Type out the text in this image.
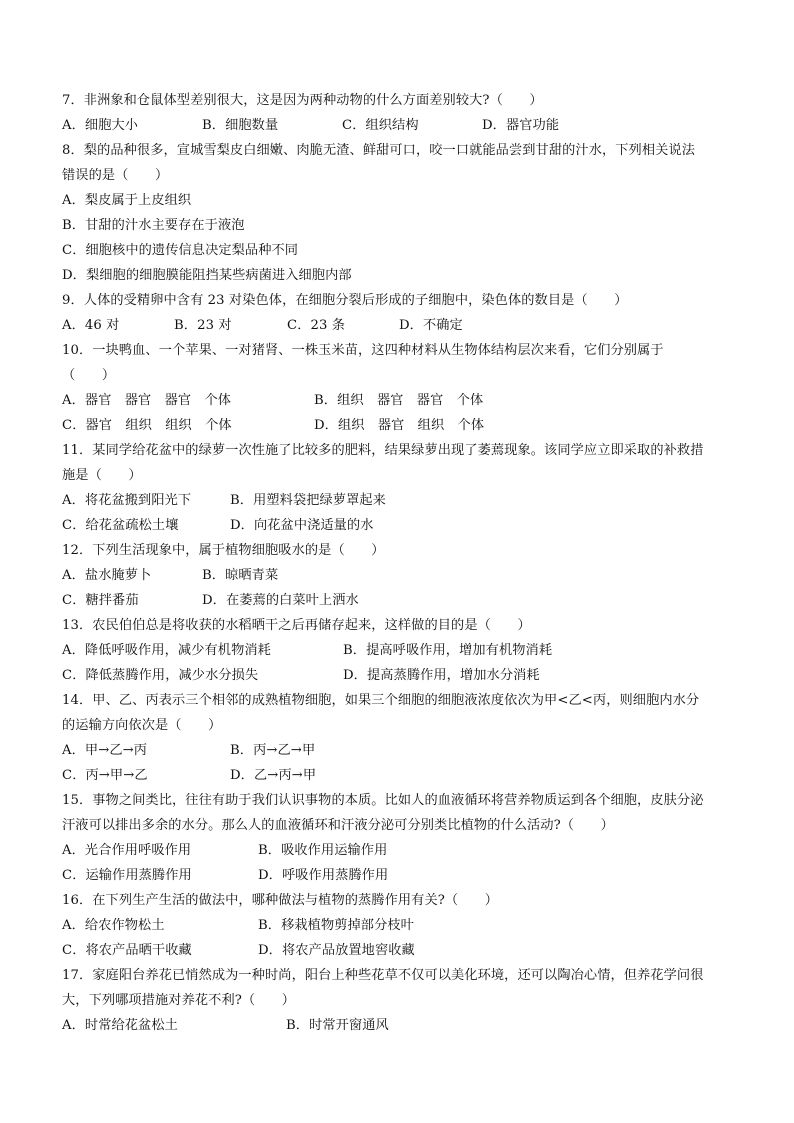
7．非洲象和仓鼠体型差别很大，这是因为两种动物的什么方面差别较大?（　　）
A．细胞大小	B．细胞数量	C．组织结构	D．器官功能
8．梨的品种很多，宣城雪梨皮白细嫩、肉脆无渣、鲜甜可口，咬一口就能品尝到甘甜的汁水，下列相关说法
错误的是（　　）
A．梨皮属于上皮组织
B．甘甜的汁水主要存在于液泡
C．细胞核中的遗传信息决定梨品种不同
D．梨细胞的细胞膜能阻挡某些病菌进入细胞内部
9．人体的受精卵中含有 23 对染色体，在细胞分裂后形成的子细胞中，染色体的数目是（　　）
A．46 对	B．23 对	C．23 条	D．不确定
10．一块鸭血、一个苹果、一对猪肾、一株玉米苗，这四种材料从生物体结构层次来看，它们分别属于
（　　）
A．器官　器官　器官　个体	B．组织　器官　器官　个体
C．器官　组织　组织　个体	D．组织　器官　组织　个体
11．某同学给花盆中的绿萝一次性施了比较多的肥料，结果绿萝出现了萎蔫现象。该同学应立即采取的补救措
施是（　　）
A．将花盆搬到阳光下	B．用塑料袋把绿萝罩起来
C．给花盆疏松土壤	D．向花盆中浇适量的水
12．下列生活现象中，属于植物细胞吸水的是（　　）
A．盐水腌萝卜	B．晾晒青菜
C．糖拌番茄	D．在萎蔫的白菜叶上洒水
13．农民伯伯总是将收获的水稻晒干之后再储存起来，这样做的目的是（　　）
A．降低呼吸作用，减少有机物消耗	B．提高呼吸作用，增加有机物消耗
C．降低蒸腾作用，减少水分损失	D．提高蒸腾作用，增加水分消耗
14．甲、乙、丙表示三个相邻的成熟植物细胞，如果三个细胞的细胞液浓度依次为甲<乙<丙，则细胞内水分
的运输方向依次是（　　）
A．甲→乙→丙	B．丙→乙→甲
C．丙→甲→乙	D．乙→丙→甲
15．事物之间类比，往往有助于我们认识事物的本质。比如人的血液循环将营养物质运到各个细胞，皮肤分泌
汗液可以排出多余的水分。那么人的血液循环和汗液分泌可分别类比植物的什么活动?（　　）
A．光合作用呼吸作用	B．吸收作用运输作用
C．运输作用蒸腾作用	D．呼吸作用蒸腾作用
16．在下列生产生活的做法中，哪种做法与植物的蒸腾作用有关?（　　）
A．给农作物松土	B．移栽植物剪掉部分枝叶
C．将农产品晒干收藏	D．将农产品放置地窖收藏
17．家庭阳台养花已悄然成为一种时尚，阳台上种些花草不仅可以美化环境，还可以陶冶心情，但养花学问很
大，下列哪项措施对养花不利?（　　）
A．时常给花盆松土	B．时常开窗通风
